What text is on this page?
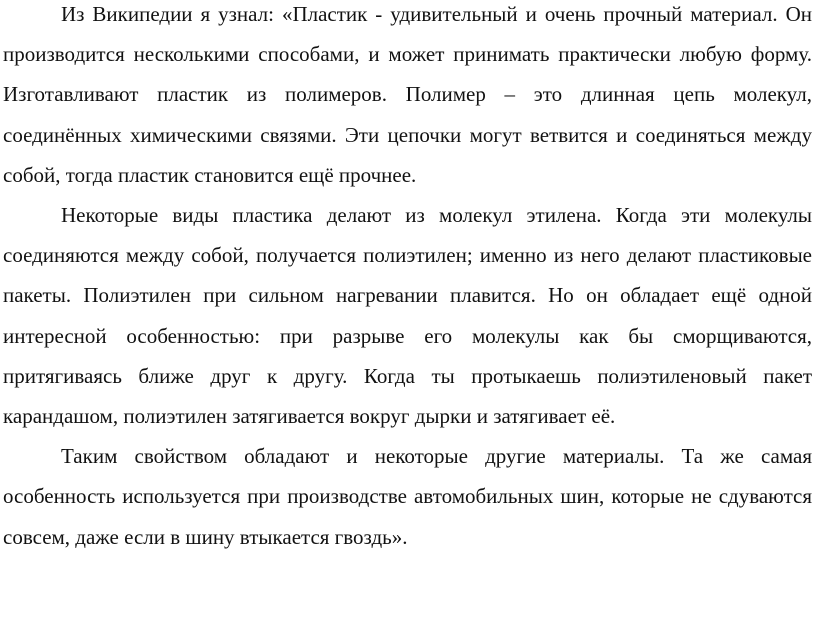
Из Википедии я узнал: «Пластик - удивительный и очень прочный материал. Он производится несколькими способами, и может принимать практически любую форму. Изготавливают пластик из полимеров. Полимер – это длинная цепь молекул, соединённых химическими связями. Эти цепочки могут ветвится и соединяться между собой, тогда пластик становится ещё прочнее.

Некоторые виды пластика делают из молекул этилена. Когда эти молекулы соединяются между собой, получается полиэтилен; именно из него делают пластиковые пакеты. Полиэтилен при сильном нагревании плавится. Но он обладает ещё одной интересной особенностью: при разрыве его молекулы как бы сморщиваются, притягиваясь ближе друг к другу. Когда ты протыкаешь полиэтиленовый пакет карандашом, полиэтилен затягивается вокруг дырки и затягивает её.

Таким свойством обладают и некоторые другие материалы. Та же самая особенность используется при производстве автомобильных шин, которые не сдуваются совсем, даже если в шину втыкается гвоздь».
